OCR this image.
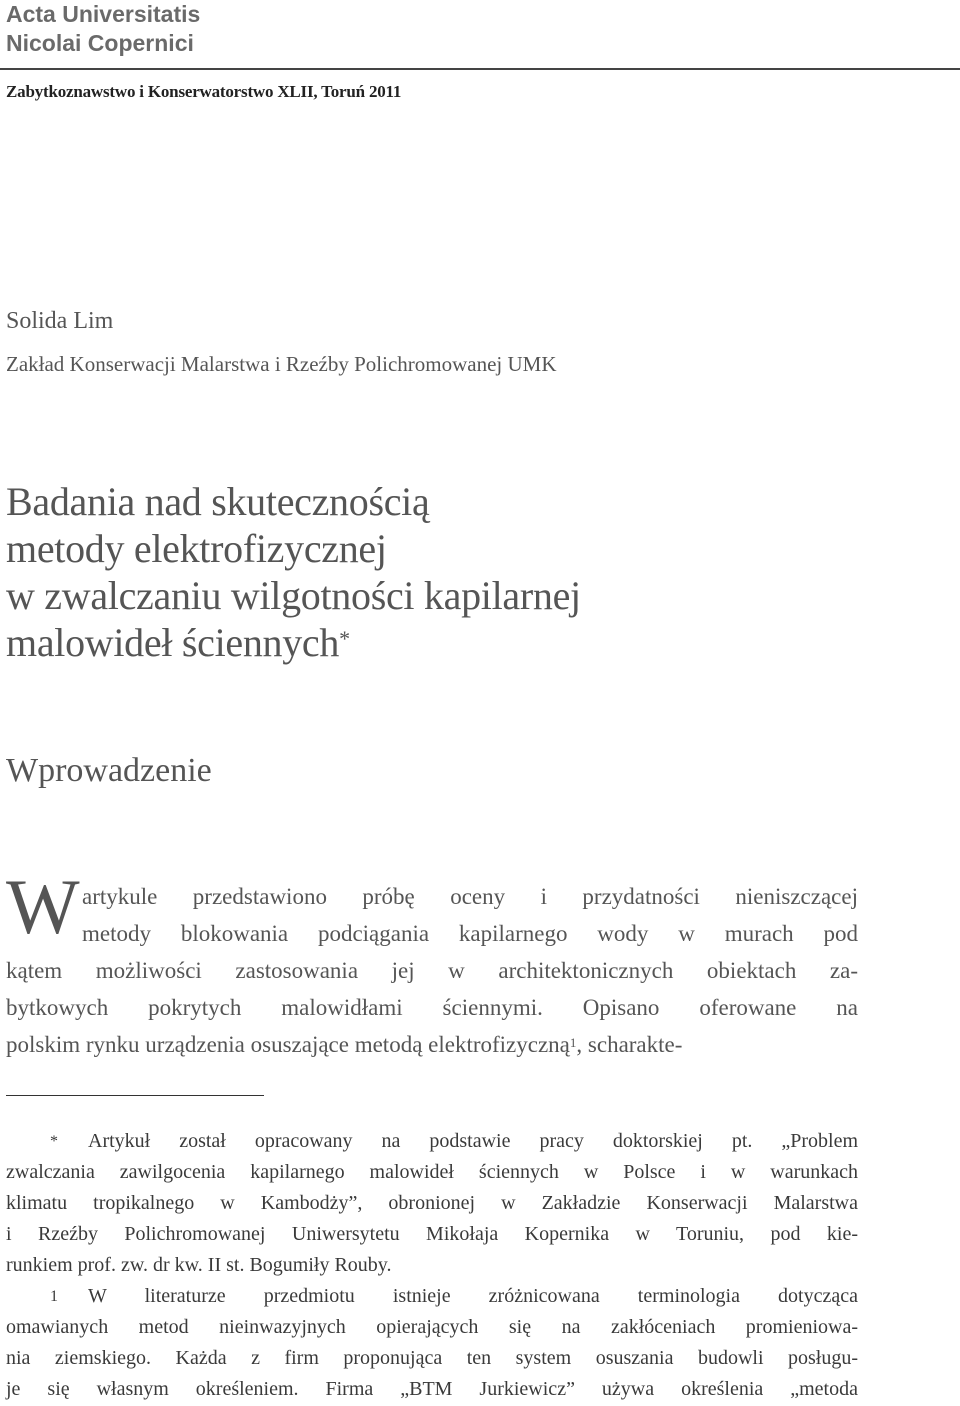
Acta Universitatis
Nicolai Copernici
Zabytkoznawstwo i Konserwatorstwo XLII, Toruń 2011
Solida Lim
Zakład Konserwacji Malarstwa i Rzeźby Polichromowanej UMK
Badania nad skutecznością
metody elektrofizycznej
w zwalczaniu wilgotności kapilarnej
malowideł ściennych*
Wprowadzenie
W artykule przedstawiono próbę oceny i przydatności nieniszczącej
metody blokowania podciągania kapilarnego wody w murach pod
kątem możliwości zastosowania jej w architektonicznych obiektach za-
bytkowych pokrytych malowidłami ściennymi. Opisano oferowane na
polskim rynku urządzenia osuszające metodą elektrofizyczną$^1$, scharakte-
* Artykuł został opracowany na podstawie pracy doktorskiej pt. „Problem
zwalczania zawilgocenia kapilarnego malowideł ściennych w Polsce i w warunkach
klimatu tropikalnego w Kambodży”, obronionej w Zakładzie Konserwacji Malarstwa
i Rzeźby Polichromowanej Uniwersytetu Mikołaja Kopernika w Toruniu, pod kie-
runkiem prof. zw. dr kw. II st. Bogumiły Rouby.
1 W literaturze przedmiotu istnieje zróżnicowana terminologia dotycząca
omawianych metod nieinwazyjnych opierających się na zakłóceniach promieniowa-
nia ziemskiego. Każda z firm proponująca ten system osuszania budowli posługu-
je się własnym określeniem. Firma „BTM Jurkiewicz” używa określenia „metoda
